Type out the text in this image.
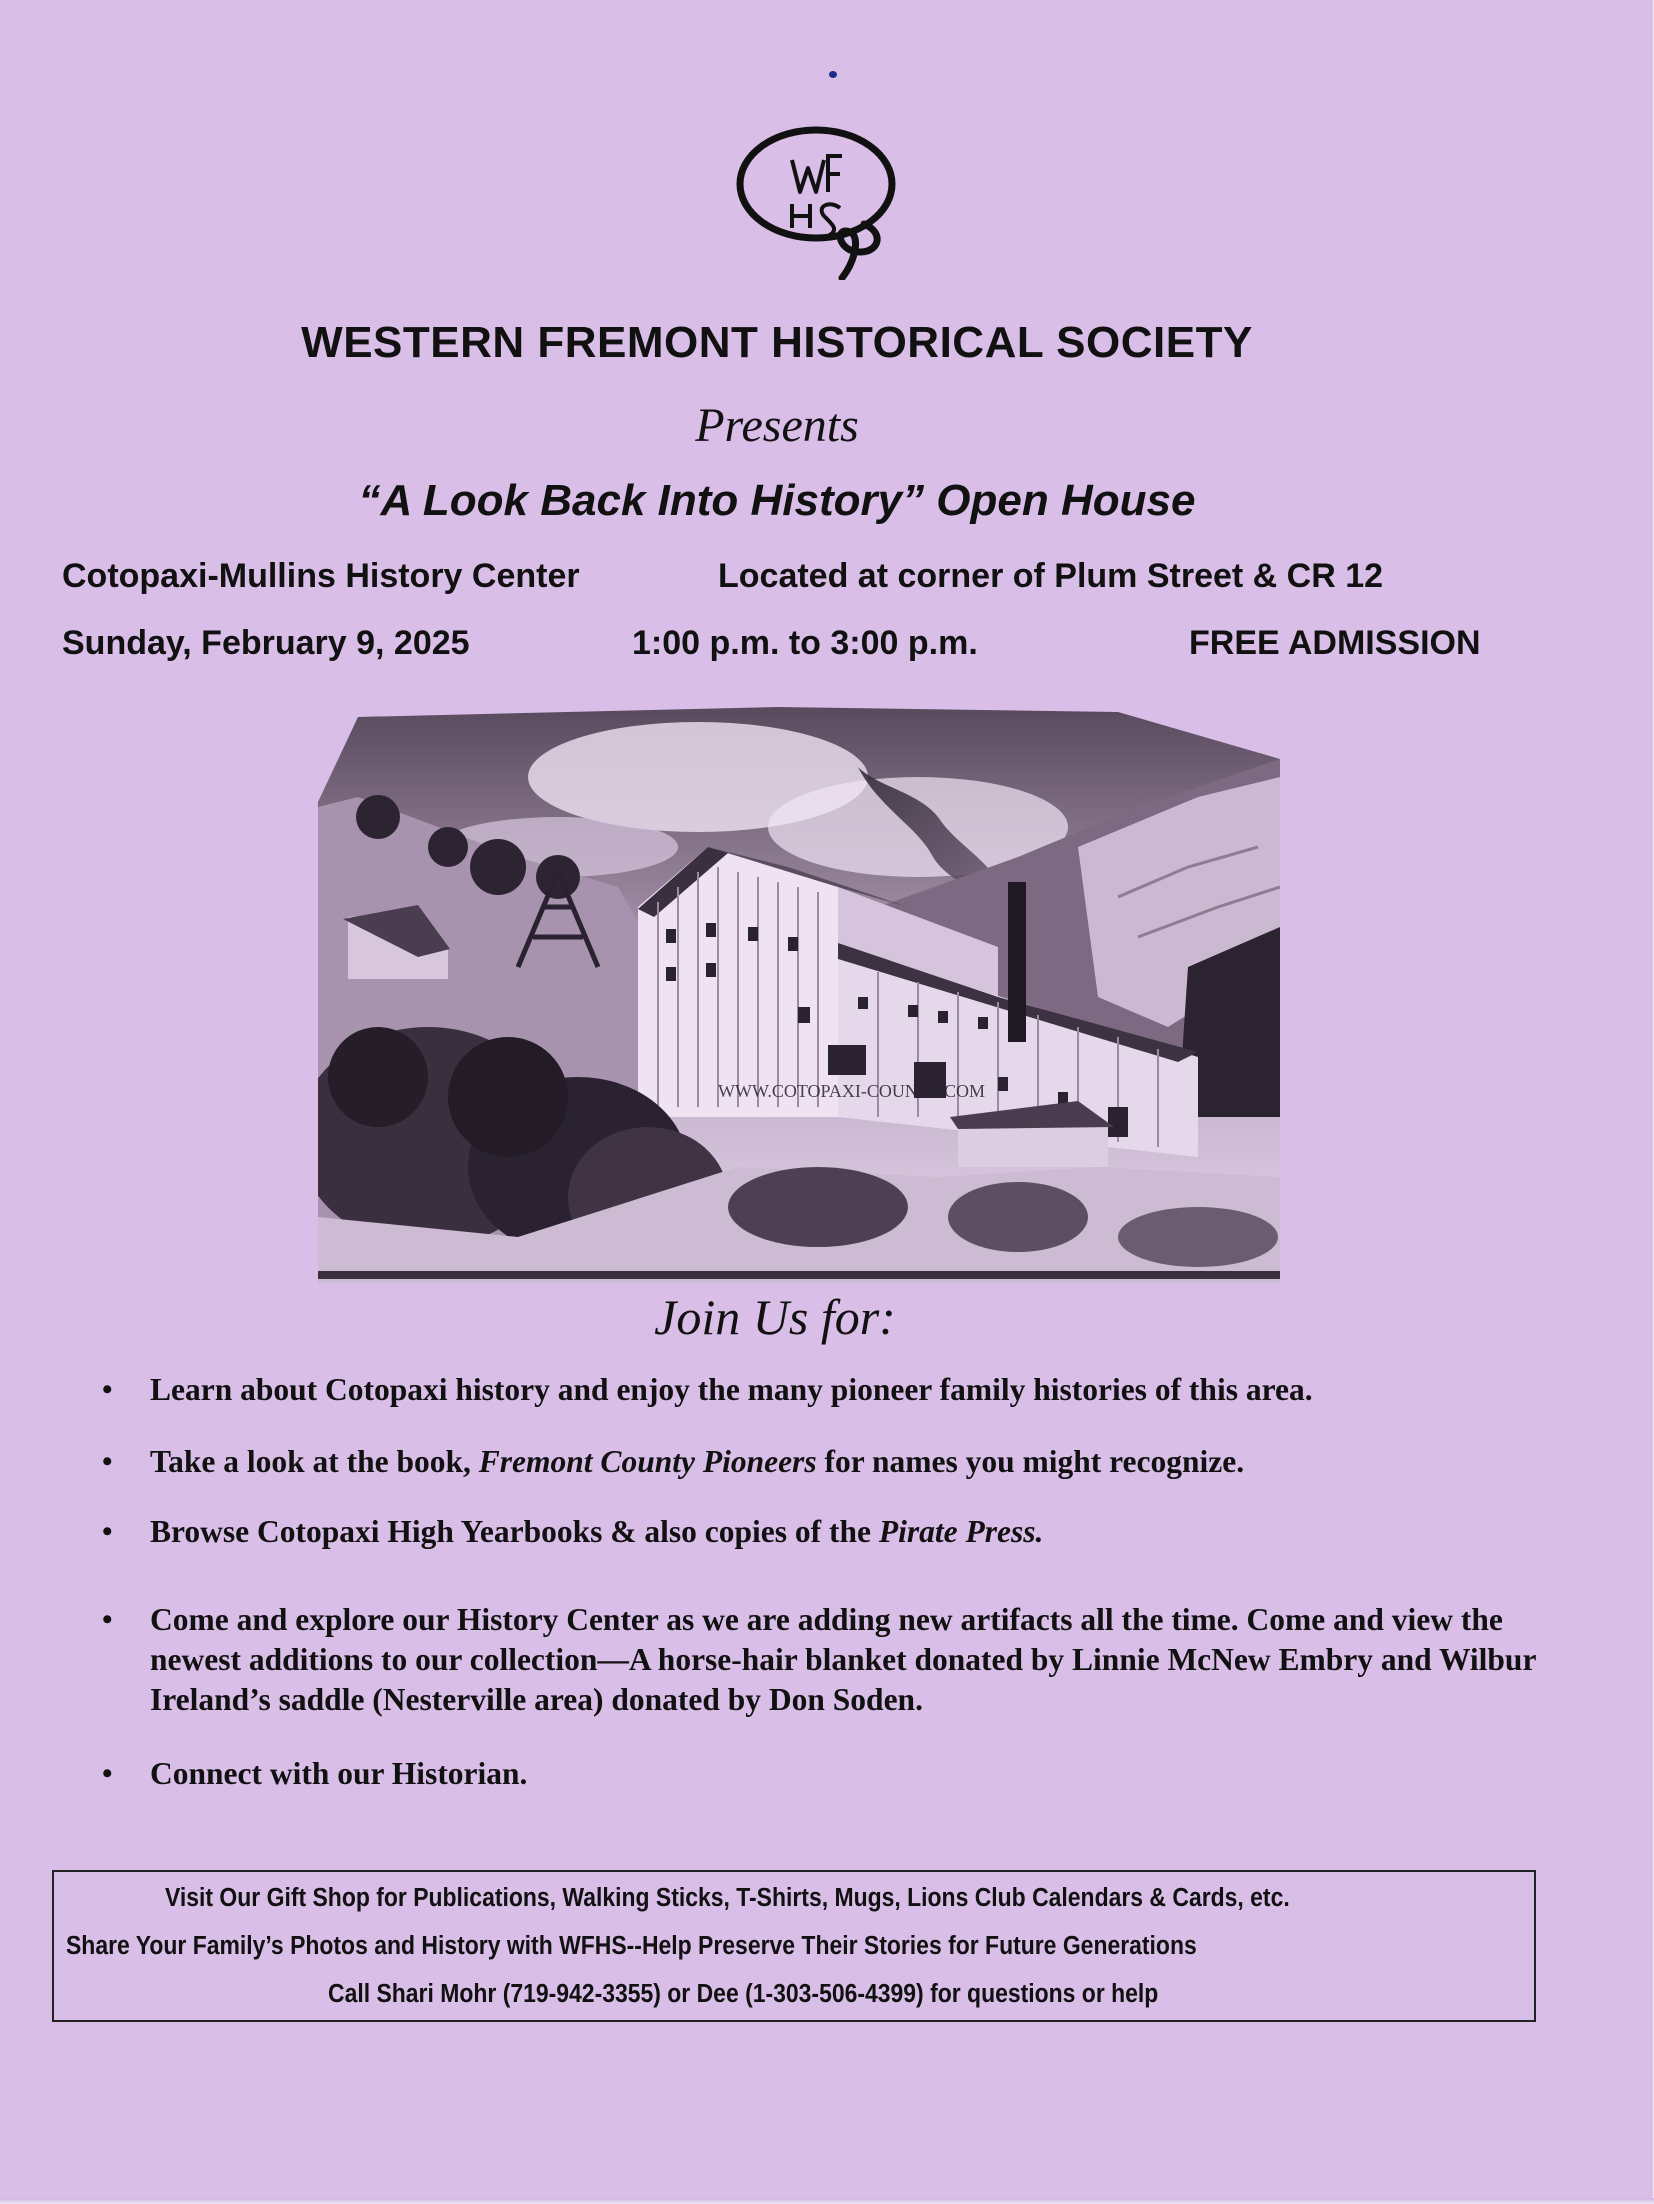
WESTERN FREMONT HISTORICAL SOCIETY
Presents
“A Look Back Into History” Open House
Cotopaxi-Mullins History Center	Located at corner of Plum Street & CR 12
Sunday, February 9, 2025	1:00 p.m. to 3:00 p.m.	FREE ADMISSION
WWW.COTOPAXI-COUNTY.COM
Join Us for:
• Learn about Cotopaxi history and enjoy the many pioneer family histories of this area.
• Take a look at the book, Fremont County Pioneers for names you might recognize.
• Browse Cotopaxi High Yearbooks & also copies of the Pirate Press.
• Come and explore our History Center as we are adding new artifacts all the time. Come and view the newest additions to our collection—A horse-hair blanket donated by Linnie McNew Embry and Wilbur Ireland’s saddle (Nesterville area) donated by Don Soden.
• Connect with our Historian.
Visit Our Gift Shop for Publications, Walking Sticks, T-Shirts, Mugs, Lions Club Calendars & Cards, etc.
Share Your Family’s Photos and History with WFHS--Help Preserve Their Stories for Future Generations
Call Shari Mohr (719-942-3355) or Dee (1-303-506-4399) for questions or help
